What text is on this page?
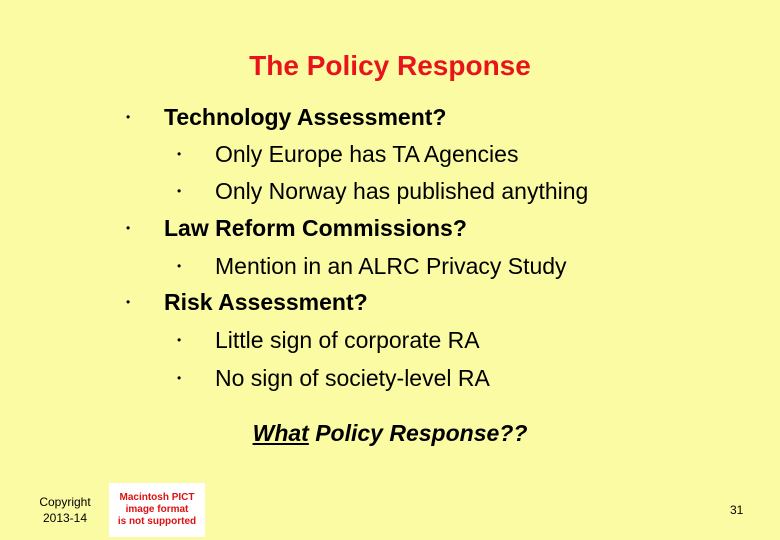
The Policy Response
• Technology Assessment?
• Only Europe has TA Agencies
• Only Norway has published anything
• Law Reform Commissions?
• Mention in an ALRC Privacy Study
• Risk Assessment?
• Little sign of corporate RA
• No sign of society-level RA
What Policy Response??
Copyright
2013-14
Macintosh PICT
image format
is not supported
31
